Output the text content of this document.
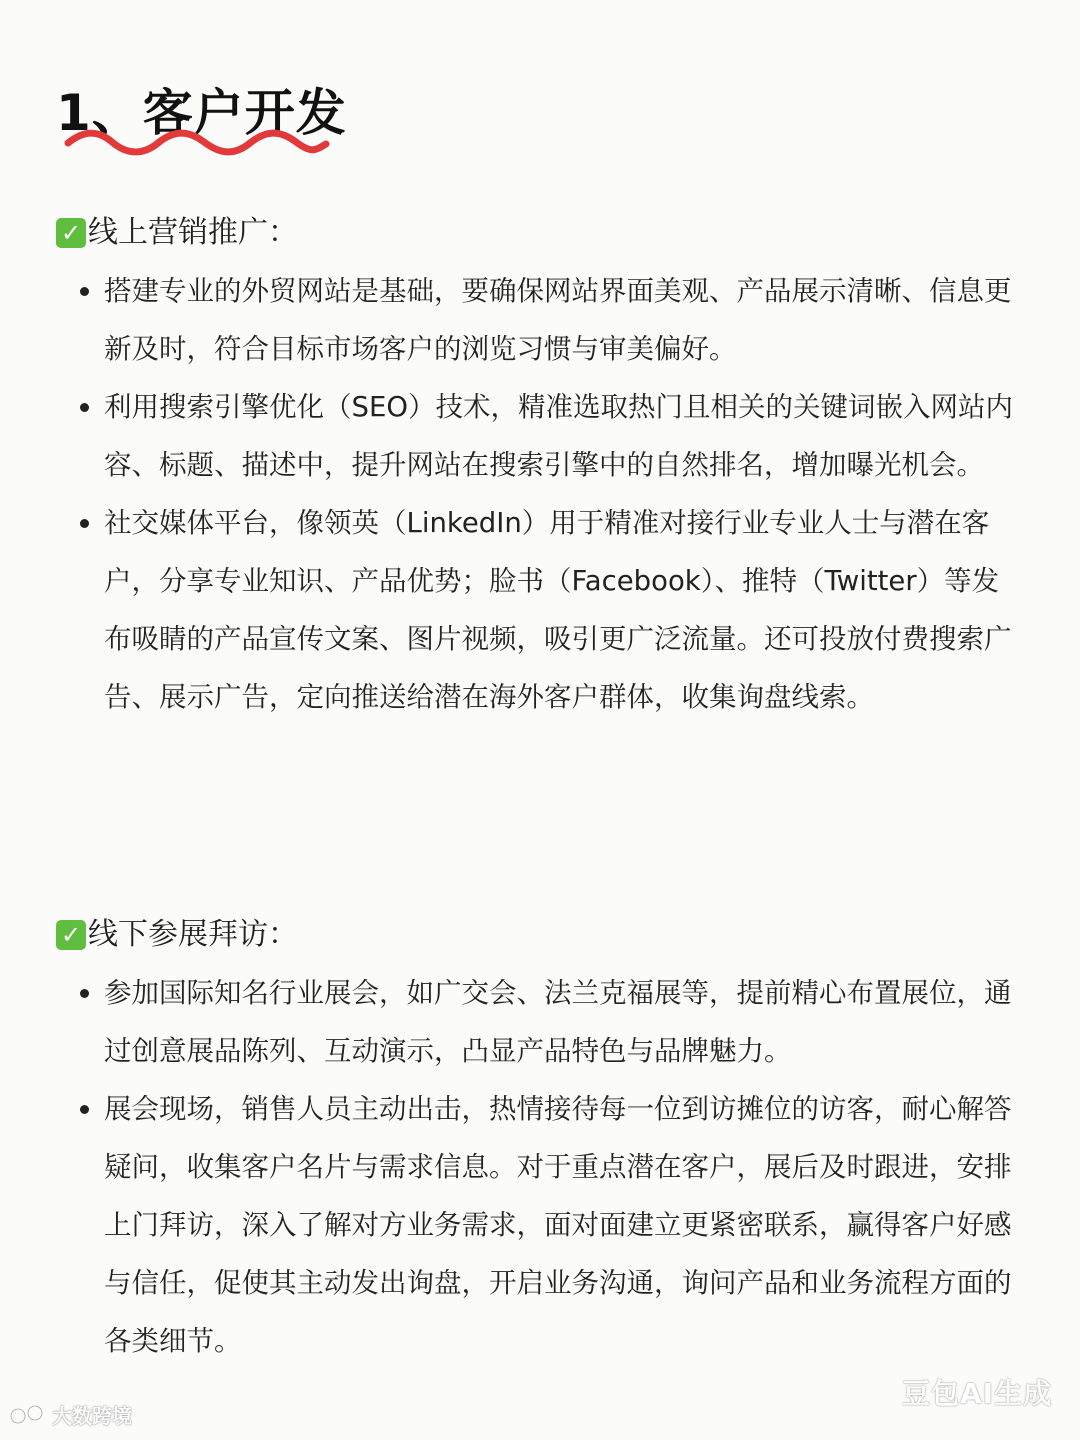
1、客户开发
✓ 线上营销推广：
搭建专业的外贸网站是基础，要确保网站界面美观、产品展示清晰、信息更新及时，符合目标市场客户的浏览习惯与审美偏好。
利用搜索引擎优化（SEO）技术，精准选取热门且相关的关键词嵌入网站内容、标题、描述中，提升网站在搜索引擎中的自然排名，增加曝光机会。
社交媒体平台，像领英（LinkedIn）用于精准对接行业专业人士与潜在客户，分享专业知识、产品优势；脸书（Facebook）、推特（Twitter）等发布吸睛的产品宣传文案、图片视频，吸引更广泛流量。还可投放付费搜索广告、展示广告，定向推送给潜在海外客户群体，收集询盘线索。
✓ 线下参展拜访：
参加国际知名行业展会，如广交会、法兰克福展等，提前精心布置展位，通过创意展品陈列、互动演示，凸显产品特色与品牌魅力。
展会现场，销售人员主动出击，热情接待每一位到访摊位的访客，耐心解答疑问，收集客户名片与需求信息。对于重点潜在客户，展后及时跟进，安排上门拜访，深入了解对方业务需求，面对面建立更紧密联系，赢得客户好感与信任，促使其主动发出询盘，开启业务沟通，询问产品和业务流程方面的各类细节。
大数跨境
豆包AI生成
